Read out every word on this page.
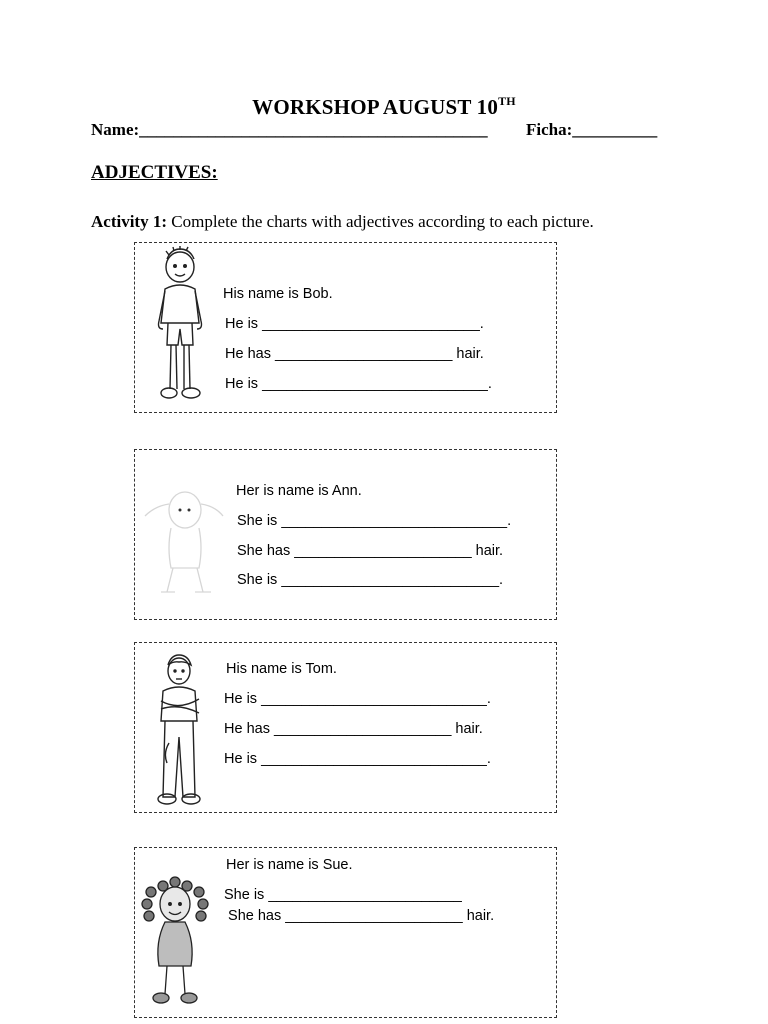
WORKSHOP AUGUST 10TH
Name:_________________________________________ Ficha:__________
ADJECTIVES:
Activity 1: Complete the charts with adjectives according to each picture.
His name is Bob.
He is ___________________________.
He has ______________________ hair.
He is ____________________________.
Her is name is Ann.
She is ____________________________.
She has ______________________ hair.
She is ___________________________.
His name is Tom.
He is ____________________________.
He has ______________________ hair.
He is ____________________________.
Her is name is Sue.
She is ________________________
She has ______________________ hair.
